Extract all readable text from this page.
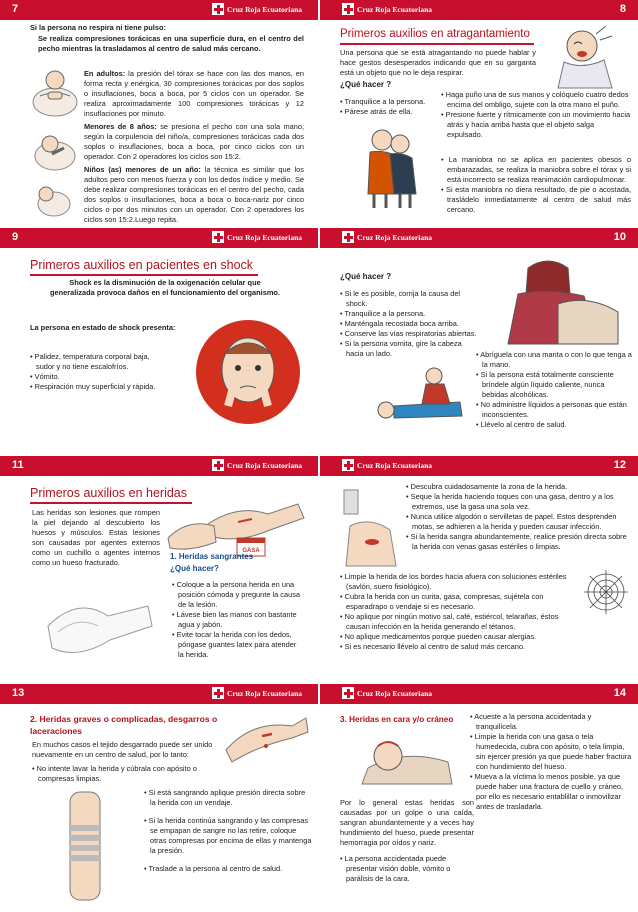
7	Cruz Roja Ecuatoriana
Si la persona no respira ni tiene pulso:
Se realiza compresiones torácicas en una superficie dura, en el centro del pecho mientras la trasladamos al centro de salud más cercano.
En adultos: la presión del tórax se hace con las dos manos, en forma recta y enérgica, 30 compresiones torácicas por dos soplos o insuflaciones, boca a boca, por 5 ciclos con un operador. Se realiza aproximadamente 100 compresiones torácicas y 12 insuflaciones por minuto.
Menores de 8 años: se presiona el pecho con una sola mano, según la corpulencia del niño/a, compresiones torácicas cada dos soplos o insuflaciones, boca a boca, por cinco ciclos con un operador. Con 2 operadores los ciclos son 15:2.
Niños (as) menores de un año: la técnica es similar que los adultos pero con menos fuerza y con los dedos índice y medio. Se debe realizar compresiones torácicas en el centro del pecho, cada dos soplos o insuflaciones, boca a boca o boca-nariz por cinco ciclos o por dos minutos con un operador. Con 2 operadores los ciclos son 15:2.Luego repita.
Cruz Roja Ecuatoriana	8
Primeros auxilios en atragantamiento
Una persona que se está atragantando no puede hablar y hace gestos desesperados indicando que en su garganta está un objeto que no le deja respirar.
¿Qué hacer ?
• Tranquilice a la persona.
• Párese atrás de ella.
• Haga puño una de sus manos y colóquelo cuatro dedos encima del ombligo, sujete con la otra mano el puño.
• Presione fuerte y rítmicamente con un movimiento hacia atrás y hacia arriba hasta que el objeto salga expulsado.
• La maniobra no se aplica en pacientes obesos o embarazadas, se realiza la maniobra sobre el tórax y si está incorrecto se realiza reanimación cardiopulmonar.
• Si esta maniobra no diera resultado, de pie o acostada, trasládelo inmediatamente al centro de salud más cercano.
9	Cruz Roja Ecuatoriana
Primeros auxilios en pacientes en shock
Shock es la disminución de la oxigenación celular que generalizada provoca daños en el funcionamiento del organismo.
La persona en estado de shock presenta:
• Palidez, temperatura corporal baja, sudor y no tiene escalofríos.
• Vómito.
• Respiración muy superficial y rápida.
Cruz Roja Ecuatoriana	10
¿Qué hacer ?
• Si le es posible, corrija la causa del shock.
• Tranquilice a la persona.
• Manténgala recostada boca arriba.
• Conserve las vías respiratorias abiertas.
• Si la persona vomita, gire la cabeza hacia un lado.	• Abríguela con una manta o con lo que tenga a la mano.
• Si la persona está totalmente consciente bríndele algún líquido caliente, nunca bebidas alcohólicas.
• No administre líquidos a personas que están inconscientes.
• Llévelo al centro de salud.
11	Cruz Roja Ecuatoriana
Primeros auxilios en heridas
Las heridas son lesiones que rompen la piel dejando al descubierto los huesos y músculos. Estas lesiones son causadas por agentes externos como un cuchillo o agentes internos como un hueso fracturado.
GASA
1. Heridas sangrantes
¿Qué hacer?
• Coloque a la persona herida en una posición cómoda y pregunte la causa de la lesión.
• Lávese bien las manos con bastante agua y jabón.
• Evite tocar la herida con los dedos, póngase guantes latex para atender la herida.
Cruz Roja Ecuatoriana	12
• Descubra cuidadosamente la zona de la herida.
• Seque la herida haciendo toques con una gasa, dentro y a los extremos, use la gasa una sola vez.
• Nunca utilice algodón o servilletas de papel. Estos desprenden motas, se adhieren a la herida y pueden causar infección.
• Si la herida sangra abundantemente, realice presión directa sobre la herida con venas gasas estériles o limpias.
• Limpie la herida de los bordes hacia afuera con soluciones estériles (savlón, suero fisiológico).
• Cubra la herida con un curita, gasa, compresas, sujétela con esparadrapo o vendaje si es necesario.
• No aplique por ningún motivo sal, café, estiércol, telarañas, éstos causan infección en la herida generando el tétanos.
• No aplique medicamentos porque pueden causar alergias.
• Si es necesario llévelo al centro de salud más cercano.
13	Cruz Roja Ecuatoriana
2. Heridas graves o complicadas, desgarros o laceraciones
En muchos casos el tejido desgarrado puede ser unido nuevamente en un centro de salud, por lo tanto:
• No intente lavar la herida y cúbrala con apósito o compresas limpias.
• Si está sangrando aplique presión directa sobre la herida con un vendaje.
• Si la herida continúa sangrando y las compresas se empapan de sangre no las retire, coloque otras compresas por encima de ellas y mantenga la presión.
• Traslade a la persona al centro de salud.
Cruz Roja Ecuatoriana	14
3. Heridas en cara y/o cráneo
Por lo general estas heridas son causadas por un golpe o una caída, sangran abundantemente y a veces hay hundimiento del hueso, puede presentar hemorragia por oídos y nariz.
• La persona accidentada puede presentar visión doble, vómito o parálisis de la cara.
• Acueste a la persona accidentada y tranquilícela.
• Limpie la herida con una gasa o tela humedecida, cubra con apósito, o tela limpia, sin ejercer presión ya que puede haber fractura con hundimiento del hueso.
• Mueva a la víctima lo menos posible, ya que puede haber una fractura de cuello y cráneo, por ello es necesario entablillar o inmovilizar antes de trasladarla.
